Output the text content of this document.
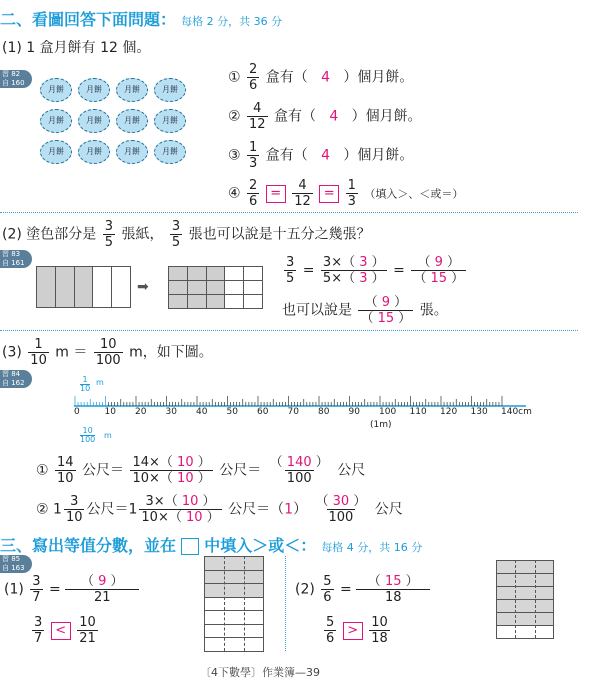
二、看圖回答下面問題： 每格 2 分，共 36 分
(1) 1 盒月餅有 12 個。
習 82
自 160
月餅	月餅	月餅	月餅
月餅	月餅	月餅	月餅
月餅	月餅	月餅	月餅
① $\frac{2}{6}$ 盒有（ 4 ）個月餅。
② $\frac{4}{12}$ 盒有（ 4 ）個月餅。
③ $\frac{1}{3}$ 盒有（ 4 ）個月餅。
④ $\frac{2}{6} = \frac{4}{12} = \frac{1}{3}$ （填入＞、＜或＝）
(2) 塗色部分是 $\frac{3}{5}$ 張紙， $\frac{3}{5}$ 張也可以說是十五分之幾張？
習 83
自 161
➡
$\frac{3}{5} = \frac{3\times( 3 )}{5\times( 3 )} = \frac{( 9 )}{( 15 )}$
也可以說是 $\frac{( 9 )}{( 15 )}$ 張。
$(3) \frac{1}{10}$ $m = \frac{10}{100}$ m，如下圖。
習 84
自 162	1
10
m
0	10 20 30 40 50 60 70 80 90 100 110 120 130 140cm
(1m)
10
100 m
① $\frac{14}{10}$ 公尺＝ $\frac{14\times( 10 )}{10\times( 10 )}$ 公尺＝ $\frac{( 140 )}{100}$ 公尺
② $1 \frac{3}{10}$ 公尺$=1 \frac{3\times( 10 )}{10\times( 10 )}$ 公尺$=(1) \frac{( 30 )}{100}$ 公尺
三、寫出等值分數，並在 中填入＞或＜： 每格 4 分，共 16 分
習 85
自 163
$(1) \frac{3}{7} = \frac{( 9 )}{21}$
$\frac{3}{7} < \frac{10}{21}$
$(2) \frac{5}{6} = \frac{( 15 )}{18}$
$\frac{5}{6} > \frac{10}{18}$
〔4下數學〕作業簿—39
